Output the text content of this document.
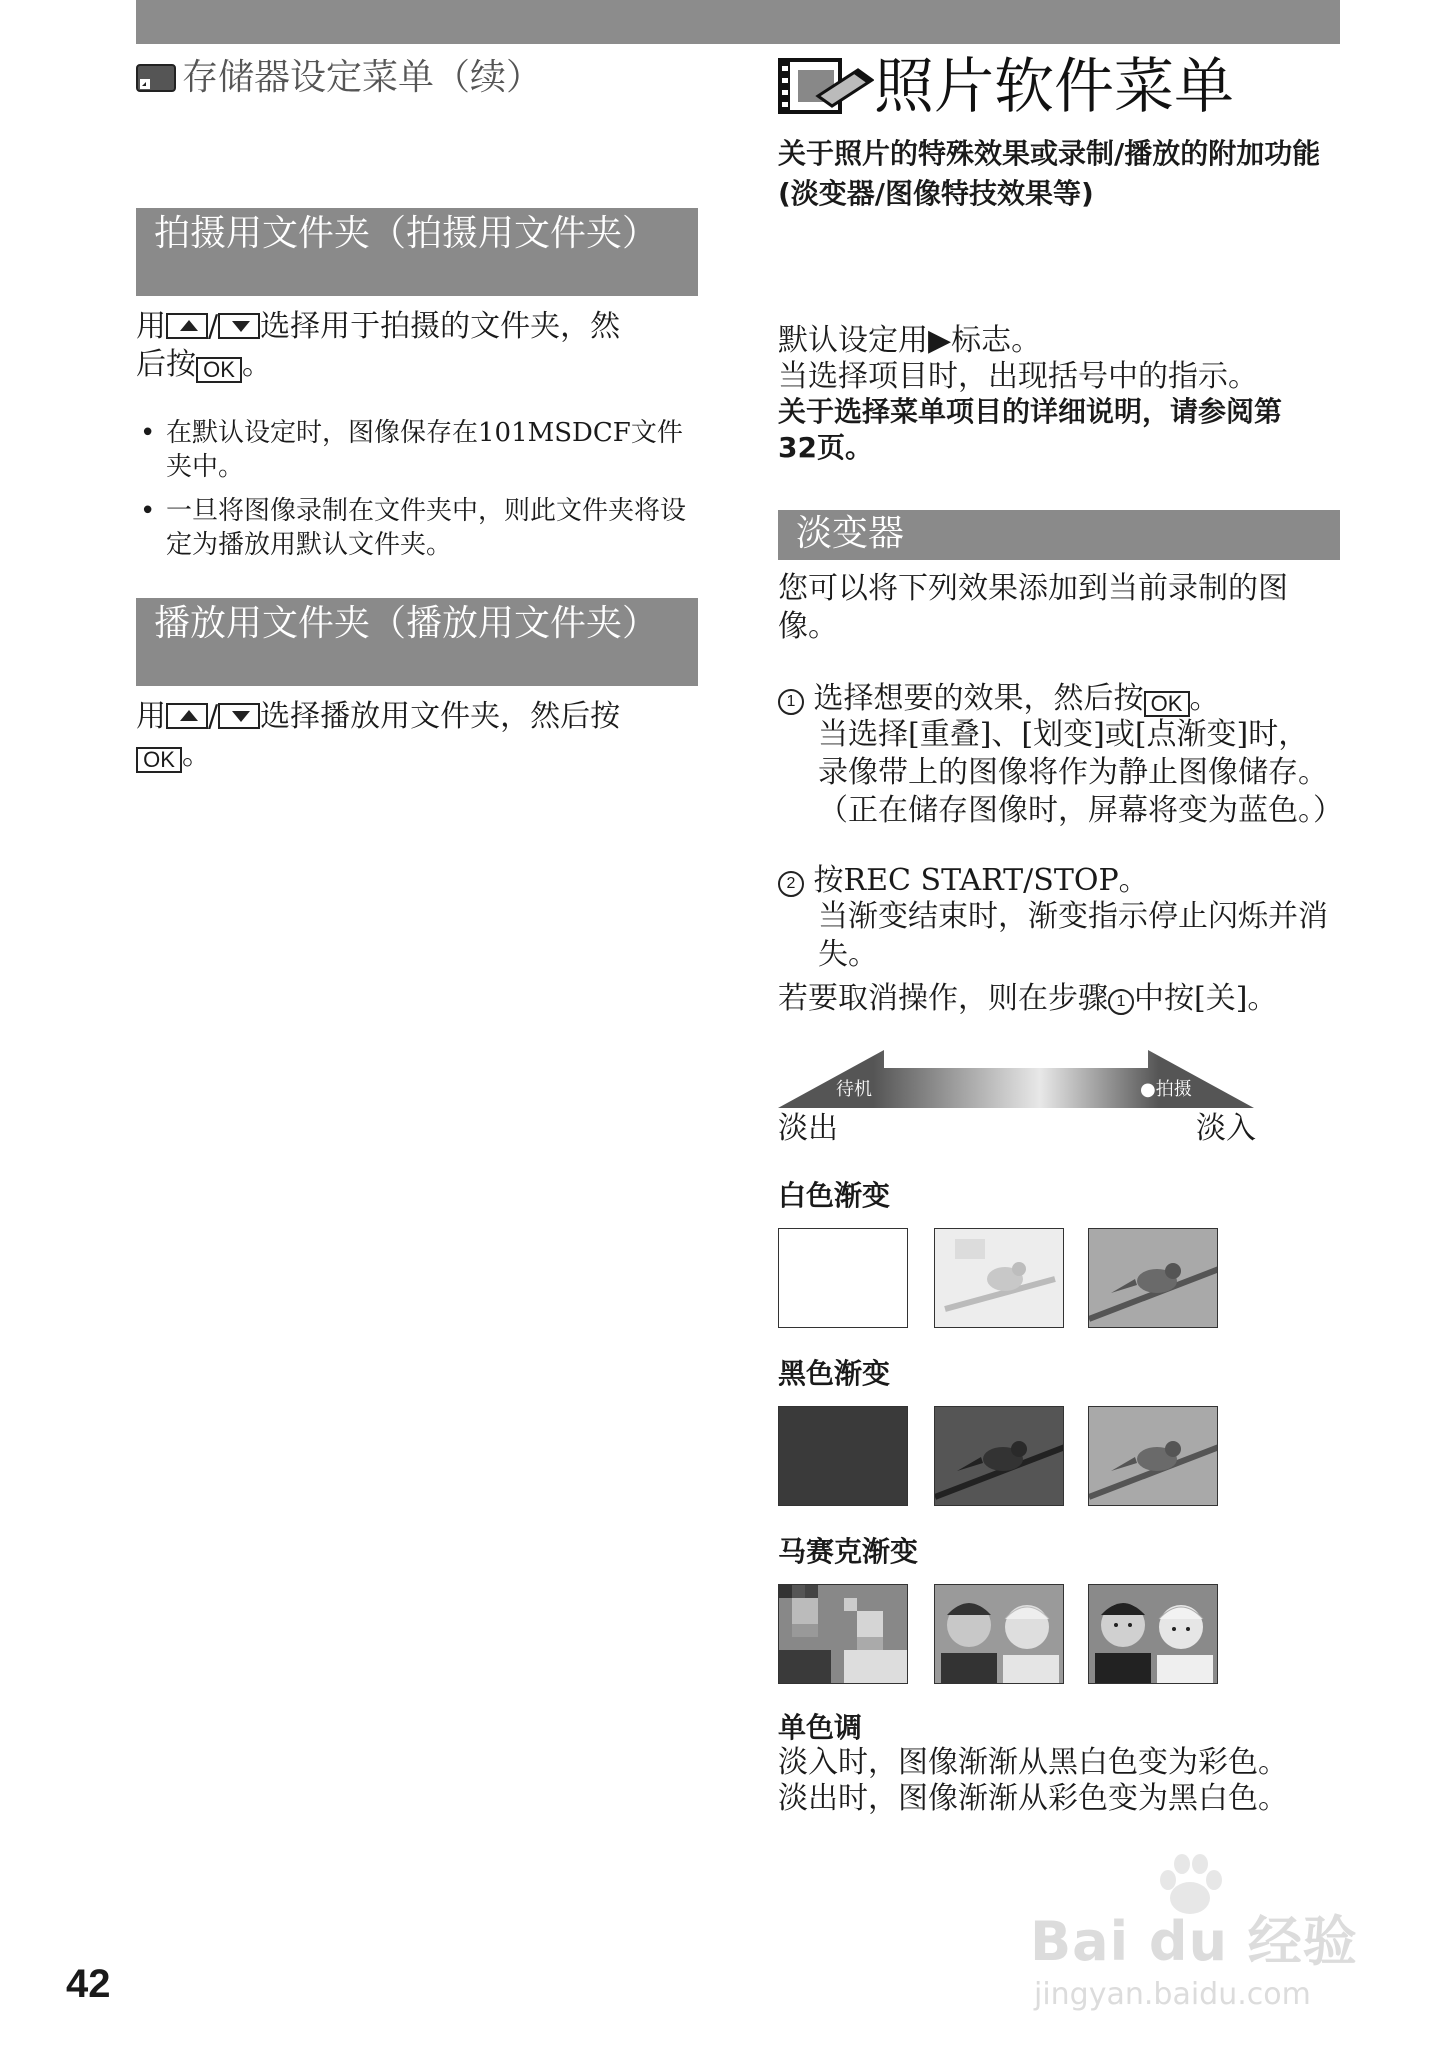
存储器设定菜单（续）
拍摄用文件夹（拍摄用文件夹）
用 / 选择用于拍摄的文件夹，然
后按 OK 。
• 在默认设定时，图像保存在101MSDCF文件夹中。
• 一旦将图像录制在文件夹中，则此文件夹将设定为播放用默认文件夹。
播放用文件夹（播放用文件夹）
用 / 选择播放用文件夹，然后按
OK 。
照片软件菜单
关于照片的特殊效果或录制/播放的附加功能(淡变器/图像特技效果等)
默认设定用▶标志。
当选择项目时，出现括号中的指示。
关于选择菜单项目的详细说明，请参阅第32页。
淡变器
您可以将下列效果添加到当前录制的图像。
1 选择想要的效果，然后按 OK 。
当选择[重叠]、[划变]或[点渐变]时，录像带上的图像将作为静止图像储存。（正在储存图像时，屏幕将变为蓝色。）
2 按REC START/STOP。
当渐变结束时，渐变指示停止闪烁并消失。
若要取消操作，则在步骤 1 中按[关]。
待机	●拍摄
淡出	淡入
白色渐变
黑色渐变
马赛克渐变
单色调
淡入时，图像渐渐从黑白色变为彩色。
淡出时，图像渐渐从彩色变为黑白色。
42
Bai du 经验
jingyan.baidu.com
